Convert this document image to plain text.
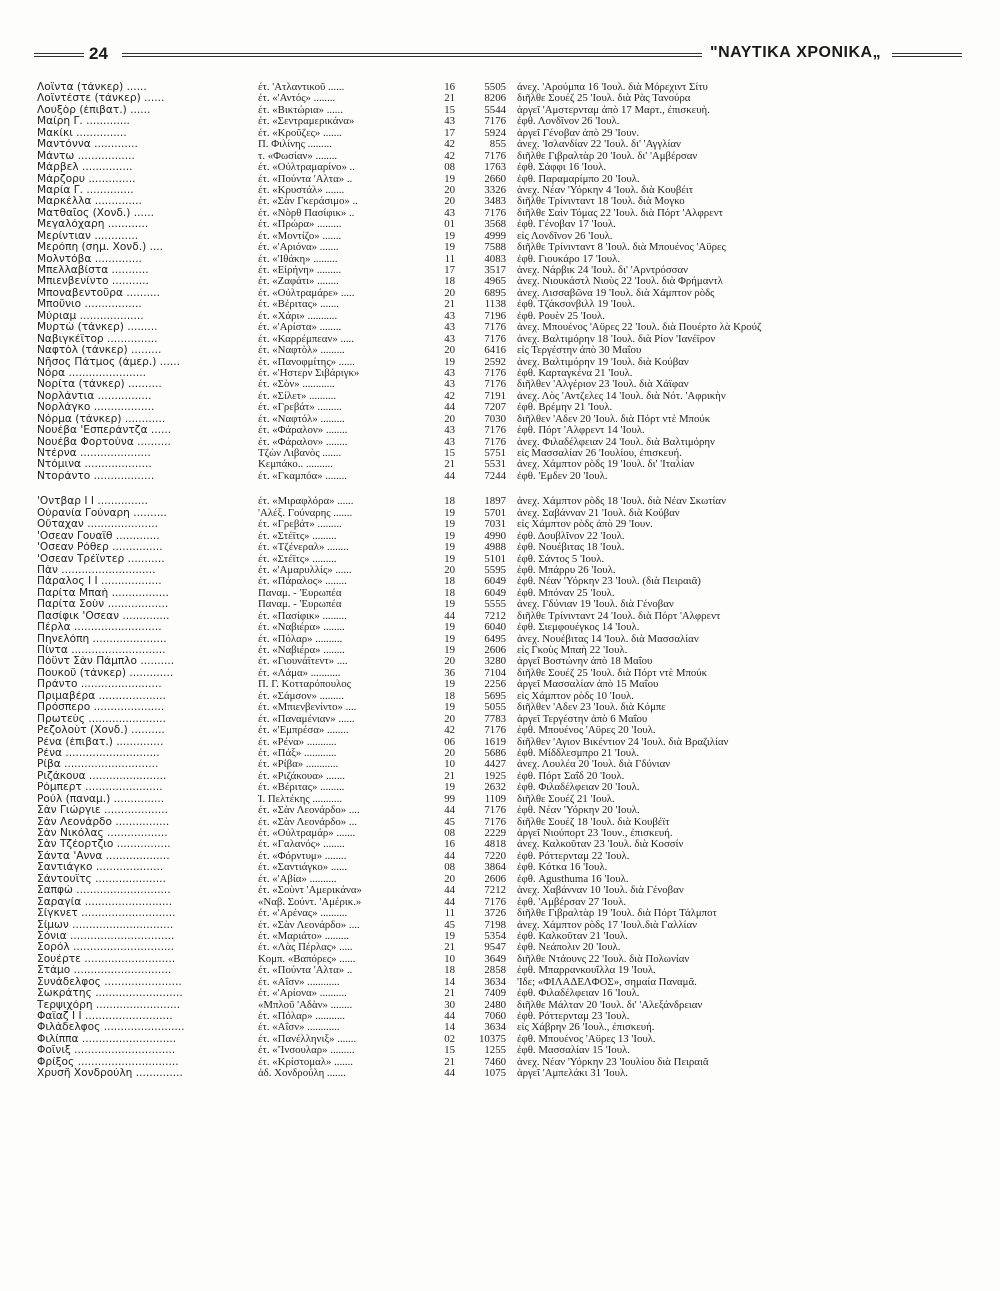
24	"ΝΑΥΤΙΚΑ ΧΡΟΝΙΚΑ„
Λοΐντα (τάνκερ) ......	έτ. 'Ατλαντικοῦ ......	16	5505 άνεχ. 'Αρούμπα 16 'Ιουλ. διὰ Μόρεχιντ Σίτυ
Λοΐντέστε (τάνκερ) ......	έτ. «'Αντός» ........	21	8206 διῆλθε Σουέζ 25 'Ιουλ. διὰ Ρὰς Τανούρα
Λουξὸρ (ἐπιβατ.) ......	έτ. «Βικτώρια» ......	15	5544 ἀργεῖ 'Αμστερνταμ ἀπὸ 17 Μαρτ., ἐπισκευὴ.
Μαίρη Γ. .............	έτ. «Σεντραμερικάνα»	43	7176 ἐφθ. Λονδῖνον 26 'Ιουλ.
Μακίκι ...............	έτ. «Κροῦζες» .......	17	5924 ἀργεῖ Γένοβαν ἀπὸ 29 'Ιουν.
Μαντόννα .............	Π. Φιλίνης .........	42	855 ἀνεχ. 'Ισλανδίαν 22 'Ιουλ. δι' 'Αγγλίαν
Μάντω .................	τ. «Φωσίαν» ........	42	7176 διῆλθε Γιβραλτὰρ 20 'Ιουλ. δι' 'Αμβέρσαν
Μάρβελ ...............	έτ. «Οὐλτραμαρίνο» ..	08	1763 ἐφθ. Σάφφι 16 'Ιουλ.
Μάρζορυ ..............	έτ. «Πούντα 'Αλτα» ..	19	2660 ἐφθ. Παραμαρίμπο 20 'Ιουλ.
Μαρία Γ. ..............	έτ. «Κρυστάλ» .......	20	3326 ἀνεχ. Νέαν 'Υόρκην 4 'Ιουλ. διὰ Κουβέιτ
Μαρκέλλα ..............	έτ. «Σὰν Γκεράσιμο» ..	20	3483 διῆλθε Τρίνινταντ 18 'Ιουλ. διὰ Μογκο
Ματθαῖος (Χονδ.) ......	έτ. «Νὸρθ Πασίφικ» ..	43	7176 διῆλθε Σαὶν Τόμας 22 'Ιουλ. διὰ Πόρτ 'Αλφρεντ
Μεγαλόχαρη ............	έτ. «Πρώρα» .........	01	3568 ἐφθ. Γένοβαν 17 'Ιουλ.
Μερίντιαν .............	έτ. «Μοντίζο» .......	19	4999 εἰς Λονδῖνον 26 'Ιουλ.
Μερόπη (σημ. Χονδ.) ....	έτ. «'Αριόνα» .......	19	7588 διῆλθε Τρίνινταντ 8 'Ιουλ. διὰ Μπουένος 'Αϋρες
Μολντόβα ..............	έτ. «'Ιθάκη» .........	11	4083 ἐφθ. Γιουκάρο 17 'Ιουλ.
Μπελλαβίστα ...........	έτ. «Εἰρήνη» .........	17	3517 ἀνεχ. Νάρβικ 24 'Ιουλ. δι' 'Αρντρόσσαν
Μπιενβενίντο ...........	έτ. «Ζαφάτι» ........	18	4965 ἀνεχ. Νιουκάστλ Νιοὺς 22 'Ιουλ. διὰ Φρήμαντλ
Μποναβεντοῦρα ..........	έτ. «Οὐλτραμάρε» .....	20	6895 ἀνεχ. Λισσαβῶνα 19 'Ιουλ. διὰ Χάμπτον ρὸδς
Μποῦνιο .................	έτ. «Βέριτας» .......	21	1138 ἐφθ. Τζάκσονβιλλ 19 'Ιουλ.
Μύριαμ ...................	έτ. «Χάρι» ...........	43	7196 ἐφθ. Ρουὲν 25 'Ιουλ.
Μυρτὼ (τάνκερ) .........	έτ. «'Αρίστα» ........	43	7176 ἀνεχ. Μπουένος 'Αϋρες 22 'Ιουλ. διὰ Πουέρτο λὰ Κρούζ
Ναβιγκέϊτορ ...............	έτ. «Καρρέμπεαν» .....	43	7176 ἀνεχ. Βαλτιμόρην 18 'Ιουλ. διὰ Ρίον 'Ιανέϊρον
Ναφτὸλ (τάνκερ) .........	έτ. «Ναφτὸλ» .........	20	6416 εἰς Τεργέστην ἀπὸ 30 Μαΐου
Νῆσος Πάτμος (ἀμερ.) ......	έτ. «Πανοφμίτης» ......	19	2592 ἀνεχ. Βαλτιμόρην 19 'Ιουλ. διὰ Κούβαν
Νόρα .......................	έτ. «'Ηστερν Σιβάριγκ»	43	7176 ἐφθ. Καρταγκένα 21 'Ιουλ.
Νορίτα (τάνκερ) ..........	έτ. «Σὸν» ............	43	7176 διῆλθεν 'Αλγέριον 23 'Ιουλ. διὰ Χάϊφαν
Νορλάντια ................	έτ. «Σίλετ» ..........	42	7191 ἀνεχ. Λὸς 'Αντζελες 14 'Ιουλ. διὰ Νότ. 'Αφρικὴν
Νορλάγκο ..................	έτ. «Γρεβάτ» .........	44	7207 ἐφθ. Βρέμην 21 'Ιουλ.
Νόρμα (τάνκερ) ............	έτ. «Ναφτόλ» .........	20	7030 διῆλθεν 'Αδεν 20 'Ιουλ. διὰ Πόρτ ντὲ Μπούκ
Νουέβα 'Εσπεράντζα ......	έτ. «Φάραλον» ........	43	7176 ἐφθ. Πόρτ 'Αλφρεντ 14 'Ιουλ.
Νουέβα Φορτούνα ..........	έτ. «Φάραλον» ........	43	7176 ἀνεχ. Φιλαδέλφειαν 24 'Ιουλ. διὰ Βαλτιμόρην
Ντέρνα .....................	Τζὼν Λιβανὸς .......	15	5751 εἰς Μασσαλίαν 26 'Ιουλίου, ἐπισκευή.
Ντόμινα ....................	Κεμπάκο.. ..........	21	5531 ἀνεχ. Χάμπτον ρὸδς 19 'Ιουλ. δι' 'Ιταλίαν
Ντοράντο ..................	έτ. «Γκαμπόα» ........	44	7244 ἐφθ. 'Εμδεν 20 'Ιουλ.
'Οντβαρ I I ...............	έτ. «Μιραφλόρα» ......	18	1897 ἀνεχ. Χάμπτον ρὸδς 18 'Ιουλ. διὰ Νέαν Σκωτίαν
Οὐρανία Γούναρη ..........	'Αλέξ. Γούναρης .......	19	5701 ἀνεχ. Σαβάνναν 21 'Ιουλ. διὰ Κούβαν
Οὔταχαν .....................	έτ. «Γρεβάτ» .........	19	7031 εἰς Χάμπτον ρὸδς ἀπὸ 29 'Ιουν.
'Οσεαν Γουαϊθ .............	έτ. «Στέϊτς» .........	19	4990 ἐφθ. Δουβλῖνον 22 'Ιουλ.
'Οσεαν Ρόθερ ...............	έτ. «Τζένεραλ» ........	19	4988 ἐφθ. Νουέβιτας 18 'Ιουλ.
'Οσεαν Τρέϊντερ ...........	έτ. «Στέϊτς» .........	19	5101 ἐφθ. Σάντος 5 'Ιουλ.
Πὰν ............................	έτ. «'Αμαρυλλίς» ......	20	5595 ἐφθ. Μπάρρυ 26 'Ιουλ.
Πάραλος I I ..................	έτ. «Πάραλος» ........	18	6049 ἐφθ. Νέαν 'Υόρκην 23 'Ιουλ. (διὰ Πειραιᾶ)
Παρίτα Μπαὴ .................	Παναμ. - 'Ευρωπέα	18	6049 ἐφθ. Μπόναν 25 'Ιουλ.
Παρίτα Σοὺν ..................	Παναμ. - 'Ευρωπέα	19	5555 ἀνεχ. Γδύνιαν 19 'Ιουλ. διὰ Γένοβαν
Πασίφικ 'Οσεαν ..............	έτ. «Πασίφικ» .........	44	7212 διῆλθε Τρίνινταντ 24 'Ιουλ. διὰ Πόρτ 'Αλφρεντ
Πέρλα ..........................	έτ. «Ναβιέρα» ........	19	6040 ἐφθ. Σιεμφουέγκος 14 'Ιουλ.
Πηνελόπη ......................	έτ. «Πόλαρ» ..........	19	6495 ἀνεχ. Νουέβιτας 14 'Ιουλ. διὰ Μασσαλίαν
Πίντα ............................	έτ. «Ναβιέρα» ........	19	2606 εἰς Γκοὺς Μπαὴ 22 'Ιουλ.
Πόϋντ Σὰν Πάμπλο ..........	έτ. «Γιουνάϊτεντ» ....	20	3280 ἀργεῖ Βοστώνην ἀπὸ 18 Μαΐου
Πουκοῦ (τάνκερ) .............	έτ. «Λάμα» ...........	36	7104 διῆλθε Σουέζ 25 'Ιουλ. διὰ Πόρτ ντὲ Μπούκ
Πράντο ........................	Π. Γ. Κοτταρόπουλος	19	2256 ἀργεῖ Μασσαλίαν ἀπὸ 15 Μαΐου
Πριμαβέρα ....................	έτ. «Σάμσον» .........	18	5695 εἰς Χάμπτον ρὸδς 10 'Ιουλ.
Πρόσπερο .....................	έτ. «Μπιενβενίντο» ....	19	5055 διῆλθεν 'Αδεν 23 'Ιουλ. διὰ Κόμπε
Πρωτεὺς .......................	έτ. «Παναμένιαν» ......	20	7783 ἀργεῖ Τεργέστην ἀπὸ 6 Μαΐου
Ρεζολοὺτ (Χονδ.) ..........	έτ. «'Εμπρέσα» ........	42	7176 ἐφθ. Μπουένος 'Αϋρες 20 'Ιουλ.
Ρένα (ἐπιβατ.) ..............	έτ. «Ρένα» ...........	06	1619 διῆλθεν 'Αγιον Βικέντιον 24 'Ιουλ. διὰ Βραζιλίαν
Ρένα ............................	έτ. «Πάξ» ............	20	5686 ἐφθ. Μίδδλεσμπρο 21 'Ιουλ.
Ρίβα ............................	έτ. «Ρίβα» ............	10	4427 ἀνεχ. Λουλέα 20 'Ιουλ. διὰ Γδύνιαν
Ριζάκουα .......................	έτ. «Ριζάκουα» .......	21	1925 ἐφθ. Πόρτ Σαΐδ 20 'Ιουλ.
Ρόμπερτ .......................	έτ. «Βέριτας» .........	19	2632 ἐφθ. Φιλαδέλφειαν 20 'Ιουλ.
Ρούλ (παναμ.) ...............	Ί. Πελτέκης ...........	99	1109 διῆλθε Σουέζ 21 'Ιουλ.
Σὰν Γιώργιε ...................	έτ. «Σὰν Λεονάρδο» ....	44	7176 ἐφθ. Νέαν 'Υόρκην 20 'Ιουλ.
Σὰν Λεονάρδο ................	έτ. «Σὰν Λεονάρδο» ...	45	7176 διῆλθε Σουέζ 18 'Ιουλ. διὰ Κουβέϊτ
Σὰν Νικόλας ..................	έτ. «Οὐλτραμάρ» .......	08	2229 ἀργεῖ Νιούπορτ 23 'Ιουν., ἐπισκευή.
Σὰν Τζέορτζιο ................	έτ. «Γαλανός» ........	16	4818 ἀνεχ. Καλκοῦταν 23 'Ιουλ. διὰ Κοσσίν
Σάντα 'Αννα ...................	έτ. «Φόρντυμ» ........	44	7220 ἐφθ. Ρόττερνταμ 22 'Ιουλ.
Σαντιάγκο ....................	έτ. «Σαντιάγκο» ......	08	3864 ἐφθ. Κότκα 16 'Ιουλ.
Σάντουϊτς .....................	έτ. «'Αβία» ..........	20	2606 ἐφθ. Agusthuma 16 'Ιουλ.
Σαπφὼ ............................	έτ. «Σοὺντ 'Αμερικάνα»	44	7212 ἀνεχ. Χαβάνναν 10 'Ιουλ. διὰ Γένοβαν
Σαραγία ..........................	«Ναβ. Σούντ. 'Αμέρικ.»	44	7176 ἐφθ. 'Αμβέρσαν 27 'Ιουλ.
Σίγκνετ ............................	έτ. «'Αρένας» ..........	11	3726 διῆλθε Γιβραλτὰρ 19 'Ιουλ. διὰ Πόρτ Τάλμποτ
Σίμων ..............................	έτ. «Σὰν Λεονάρδο» ....	45	7198 ἀνεχ. Χάμπτον ρὸδς 17 'Ιουλ.διὰ Γαλλίαν
Σόνια ...............................	έτ. «Μαριάτο» .........	19	5354 ἐφθ. Καλκοῦταν 21 'Ιουλ.
Σορόλ ..............................	έτ. «Λὰς Πέρλας» .....	21	9547 ἐφθ. Νεάπολιν 20 'Ιουλ.
Σουέρτε ...........................	Κομπ. «Βαπόρες» ......	10	3649 διῆλθε Ντάουνς 22 'Ιουλ. διὰ Πολωνίαν
Στάμο .............................	έτ. «Πούντα 'Αλτα» ..	18	2858 ἐφθ. Μπαρρανκουΐλλα 19 'Ιουλ.
Συνάδελφος .......................	έτ. «Αΐσν» ............	14	3634 'Ιδε; «ΦΙΛΑΔΕΛΦΟΣ», σημαία Παναμᾶ.
Σωκράτης ..........................	έτ. «'Αρίονα» ..........	21	7409 ἐφθ. Φιλαδέλφειαν 16 'Ιουλ.
Τερψιχόρη .........................	«Μπλοῦ 'Αδὰν» ........	30	2480 διῆλθε Μάλταν 20 'Ιουλ. δι' 'Αλεξάνδρειαν
Φαϊαζ I I ..........................	έτ. «Πόλαρ» ...........	44	7060 ἐφθ. Ρόττερνταμ 23 'Ιουλ.
Φιλάδελφος ........................	έτ. «Αΐσν» ............	14	3634 εἰς Χάβρην 26 'Ιουλ., ἐπισκευή.
Φιλίππα ............................	έτ. «Πανέλληνιξ» .......	02	10375 ἐφθ. Μπουένος 'Αϋρες 13 'Ιουλ.
Φοῖνιξ ..............................	έτ. «Ἴνσουλαρ» .........	15	1255 ἐφθ. Μασσαλίαν 15 'Ιουλ.
Φρίξος ..............................	έτ. «Κρίστομαλ» .......	21	7460 ἀνεχ. Νέαν 'Υόρκην 23 'Ιουλίου διὰ Πειραιᾶ
Χρυσῆ Χονδρούλη ..............	ἀδ. Χονδρούλη .......	44	1075 ἀργεῖ 'Αμπελάκι 31 'Ιουλ.
